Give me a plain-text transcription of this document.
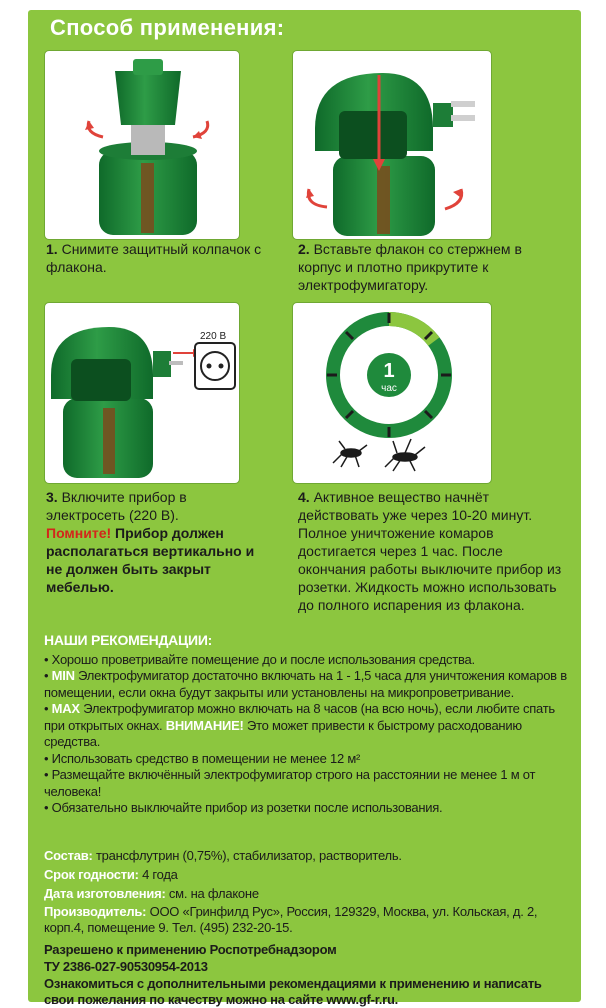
Способ применения:
1. Снимите защитный колпачок с флакона.
2. Вставьте флакон со стержнем в корпус и плотно прикрутите к электрофумигатору.
220 В
1
час
3. Включите прибор в электросеть (220 В).
Помните! Прибор должен располагаться вертикально и не должен быть закрыт мебелью.
4. Активное вещество начнёт действовать уже через 10-20 минут. Полное уничтожение комаров достигается через 1 час. После окончания работы выключите прибор из розетки. Жидкость можно использовать до полного испарения из флакона.
НАШИ РЕКОМЕНДАЦИИ:
• Хорошо проветривайте помещение до и после использования средства.
• MIN Электрофумигатор достаточно включать на 1 - 1,5 часа для уничтожения комаров в помещении, если окна будут закрыты или установлены на микропроветривание.
• MAX Электрофумигатор можно включать на 8 часов (на всю ночь), если любите спать при открытых окнах. ВНИМАНИЕ! Это может привести к быстрому расходованию средства.
• Использовать средство в помещении не менее 12 м²
• Размещайте включённый электрофумигатор строго на расстоянии не менее 1 м от человека!
• Обязательно выключайте прибор из розетки после использования.
Состав: трансфлутрин (0,75%), стабилизатор, растворитель.
Срок годности: 4 года
Дата изготовления: см. на флаконе
Производитель: ООО «Гринфилд Рус», Россия, 129329, Москва, ул. Кольская, д. 2, корп.4, помещение 9. Тел. (495) 232-20-15.
Разрешено к применению Роспотребнадзором
ТУ 2386-027-90530954-2013
Ознакомиться с дополнительными рекомендациями к применению и написать свои пожелания по качеству можно на сайте www.gf-r.ru.
